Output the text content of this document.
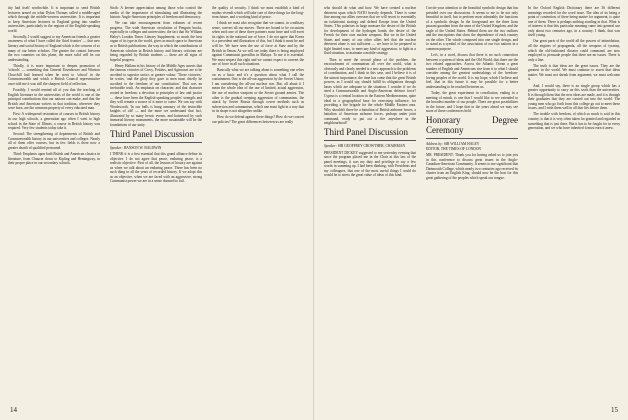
tity had itself worthwhile. It is important to send British lecturers armed on what Dylan Thomas called a middle-aged which through the middle-western universities. It is important to keep American lecturers in England going into smaller universities, particularly in the regions of the English-speaking world.

Secondly, I would suggest to my American friends a greater awareness of what I have called the 'third frontier' — that new literary and social history of England which is the concern of so many of our better scholars. The greater the contact between the two countries on this plane, the more solid will be our understanding.

Thirdly, it is more important to deepen promotion of 'schools' — something that General Eisenhower and Winston Churchill had learned when he went to 'school' in the Commonwealth and which a British Council representative once told me it was still the sharpest field of reflection.

Fourthly, I would remind all of you that the teaching of English literature in the universities of the world is one of the principal contributions that our nations can make, and that the British and American writers in that tradition, wherever they were born, are the common property of every educated man.

First: A widespread restoration of courses in British history in our high schools, a generation ago when I went to high school in the State of Illinois, a course in British history was required. Very few students today take it.

Second: The strengthening of departments of British and Commonwealth history in our universities and colleges. Nearly all of them offer courses, but in few fields is there now a greater dearth of qualified personnel.

Third: Emphasis upon both British and American classics in literature, from Chaucer down to Kipling and Hemingway, in their proper place in our secondary schools.

Sixth: A keener appreciation among those who control the media of the importance of stimulating and illustrating the historic Anglo-American principles of freedom and democracy.

We can take encouragement from volumes of recent progress. The wide American circulation of Penguin books, especially in colleges and universities; the fact that Sir William Haley's London Times Literary Supplement, so much the best organ of its type in the world, gives as much space to American as to British publications; the way in which the contributions of American scholars in British history and literary criticism are being regarded by British students — these are all signs of hopeful progress.

Henry Hallam in his history of the Middle Ages asserts that the famous victories of Crecy, Poitiers, and Agincourt are to be ascribed to superior tactics or greater valour. 'Those victories,' he writes, 'and the glory they gave to men must chiefly be ascribed to the freedom of our constitution.' That was an irrefutable truth. An emphasis on character, and that character rooted in freedom; a devotion to principles of law and justice — these have been the English-speaking peoples' strength, and they will remain a source of it more to come. We can say with Wordsworth, 'In our halls is hung armoury of the invincible knights of old' — and the more we understand that fact, illustrated by so many heroic events, and buttressed by such immortal literary monuments, the more sustainable will be the foundations of our unity.

Third Panel Discussion

Speaker: HANSON W. BALDWIN

I THINK it is a first essential that this grand alliance define its objective. I do not agree that peace, enduring peace, is a realistic objective. First of all, the lessons of history are against us when we talk about an enduring peace. There has been no such thing in all the years of recorded history. If we adopt this as an objective, when we are faced with an aggressive, strong Communist power we are in a sense doomed to fail.

the quality of security. I think we must establish a kind of modus vivendi which will take care of these things for the long-term future, and a working kind of peace.

I think we must also recognize that we cannot, in a military sense, convert all our moves. There are bound to be occasions when each one of these three partners must have and will exert its rights in the national use of force. I do not agree that Korea is a precedent and illustration of this, but I think it must be and will be. We have seen the use of force at Suez and by the British in Oman. As we will see today there is being employed against Communist guerrillas in Malaya. To me it is essential. We must respect this right and we cannot expect to convert the use of force in all such situations.

Basically what we are talking about is something one relies on as a basic and it's a question about what I call the containment. One is the all-out aggression by the Soviet Union; I am considering the all-out nuclear war. But, all about it I mean the whole idea of the use of limited, actual aggression, the use of nuclear weapons or the Soviet ground armies. The other is the gradual creeping aggression of communism, the attack by Soviet Russia through covert methods such as subversion and communism, which one must fight in a way that in its shape is not altogether unlike.

How do we defend against these things? How do we concert our policies? The great differences between us are really

14

who should do what and how. We have created a nuclear deterrent upon which NATO heavily depends. There is some fine among our allies overseas that we will resort to essentially an isolationist strategy and defend Europe from the United States. This polarises in large measure the desire of the British for development of the hydrogen bomb, the desire of the French for their own nuclear weapons. But we in the United States and many of our other allies feel that the nuclear deterrent alone is not sufficient — we have to be prepared to fight limited wars, to meet any kind of aggression, to fight in a fluid situation, to maintain a mobile strategy.

Then to meet the second phase of the problem, the encroachment of communism all over the world, what is obviously and clearly needed is a new approach to the problems of coordination, and I think in this case, and I believe it is of the utmost importance, the time has come that the great British powers, as I would say, should fulfill its obligations through bases which are adequate to the situation. I wonder if we do need a Commonwealth and Anglo-American defence force? Cyprus is a central location in the Eastern Mediterranean, quite ideal in a geographical base for exercising influence, for providing a fire brigade for the whole Middle Eastern area. Why shouldn't there be a battalion of British airborne forces, a battalion of American airborne forces, perhaps under joint command, ready to put out a fire anywhere in the neighbourhood?

Third Panel Discussion

Speaker: SIR GEOFFREY CROWTHER, CHAIRMAN

PRESIDENT DICKEY suggested to me yesterday evening that since the program placed me in the Chair at this last of the panel meetings, it was my duty and privilege to say a few words in summing up. I had been thinking, with Presidents and my colleagues, that one of the most useful things I could do would be to stress the great value of ideas of this kind.

I invite your attention to the beautiful symbolic design that has presided over our discussions. It seems to me to be not only beautiful in itself, but to perform most admirably the functions of a symbolic design. In the foreground are the three lions passant guardant from the arms of the United Kingdom, and the eagle of the United States. Behind them are the two outlines and the inscriptions that show the dependence of each country on the other. The whole composed into one single design, and to stand as a symbol of the association of our two nations in a common purpose.

Let's, in a word, discuss that there is no such connection between a system of ideas and the Old World, that there are the two related approaches. Across the Atlantic Ocean a great number of English and Americans rise from it to what I should consider among the greatest undertakings of the freedom-loving peoples of the world. It is my hope, which I believe and feel, that in this future it may be possible for a better understanding to be reached between us.

Today, the great experiment in conciliation, ending in a meeting of minds, is one that I would like to see extended to the broadest number of our people. There are great possibilities in the future, and I hope that in the years ahead we may see more of these conferences held.

Honorary Degree Ceremony

Address by: SIR WILLIAM HALEY
EDITOR, THE TIMES OF LONDON

MR. PRESIDENT: Thank you for having asked us to join you in this conference to discuss great issues in the Anglo-Canadian-American Community. It seems to me significant that Dartmouth College, which nearly two centuries ago received its charter from an English King, should now be the host for this great gathering of the peoples which speak our tongue.

In the Oxford English Dictionary there are 36 different meanings recorded for the word issue. The idea of its being a point of contention, of there being matter for argument, is quite one of them. There is perhaps nothing startling in that. What is of interest is that this particular meaning came into general use only about two centuries ago, in a country, I think, that was itself young.

Our great parts of the world all the powers of intimidation, all the engines of propaganda, all the weapons of tyranny, which the old-fashioned dictator could command, are now employed to persuade people that there are no issues. There is only a line.

The truth is that ideas are the great issues. They are the greatest in the world. We must continue to assert that ideas matter. We must not shrink from argument; we must welcome it.

And, I would say, there is no single group which has a greater opportunity to carry on this work than the universities. It is through them that the new ideas are made, and it is through their graduates that they are carried out into the world. The young men who go forth from this college go out to meet these issues, and I wish them well in all that lies before them.

The trouble with freedom, of which so much is said in this country, is that it is very often taken for granted and regarded as something that is just there. But it has to be fought for in every generation, and we who have inherited it must earn it anew.

15
